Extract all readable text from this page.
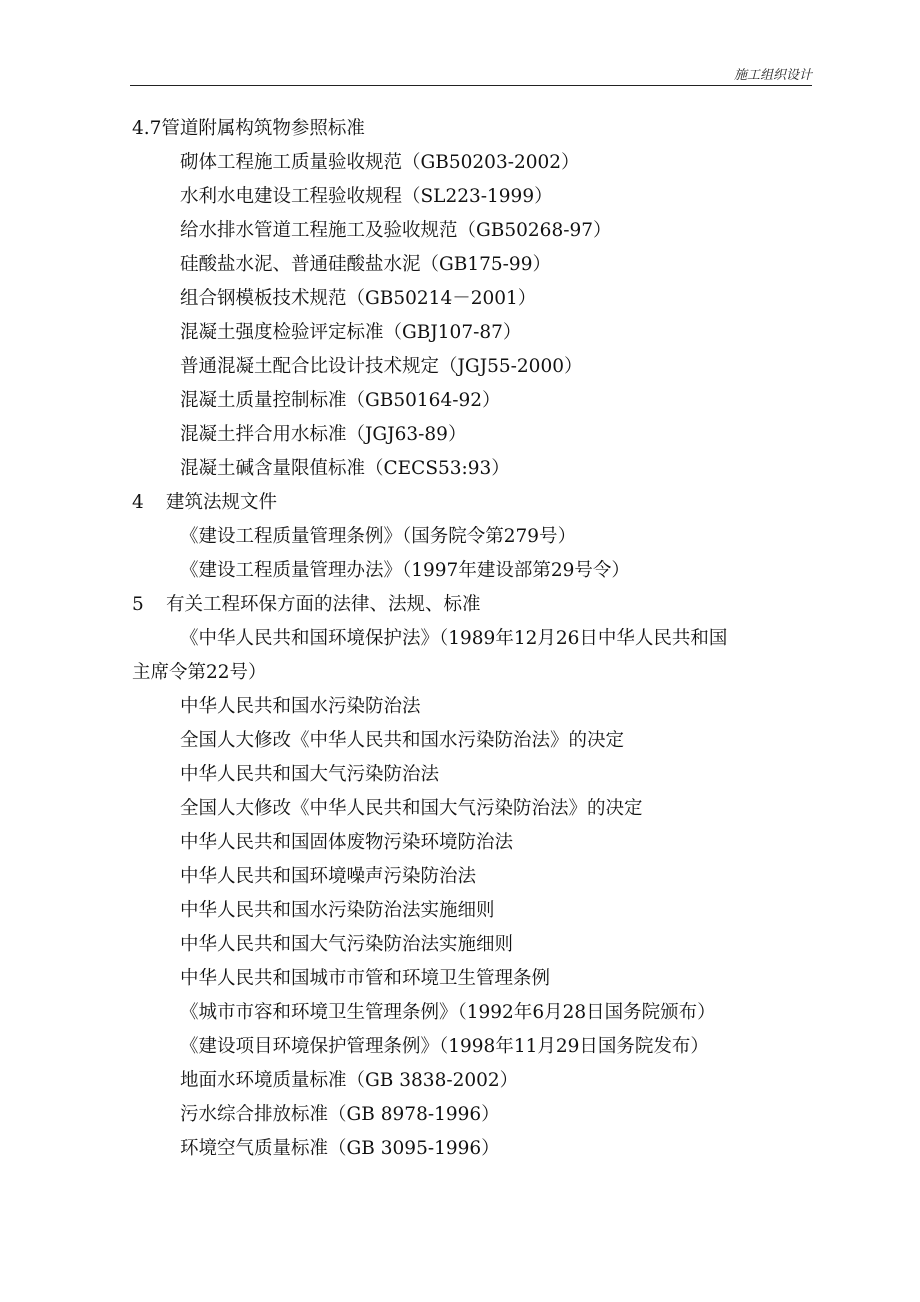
施工组织设计
4.7管道附属构筑物参照标准
砌体工程施工质量验收规范（GB50203-2002）
水利水电建设工程验收规程（SL223-1999）
给水排水管道工程施工及验收规范（GB50268-97）
硅酸盐水泥、普通硅酸盐水泥（GB175-99）
组合钢模板技术规范（GB50214－2001）
混凝土强度检验评定标准（GBJ107-87）
普通混凝土配合比设计技术规定（JGJ55-2000）
混凝土质量控制标准（GB50164-92）
混凝土拌合用水标准（JGJ63-89）
混凝土碱含量限值标准（CECS53:93）
4 建筑法规文件
《建设工程质量管理条例》（国务院令第279号）
《建设工程质量管理办法》（1997年建设部第29号令）
5 有关工程环保方面的法律、法规、标准
《中华人民共和国环境保护法》（1989年12月26日中华人民共和国
主席令第22号）
中华人民共和国水污染防治法
全国人大修改《中华人民共和国水污染防治法》的决定
中华人民共和国大气污染防治法
全国人大修改《中华人民共和国大气污染防治法》的决定
中华人民共和国固体废物污染环境防治法
中华人民共和国环境噪声污染防治法
中华人民共和国水污染防治法实施细则
中华人民共和国大气污染防治法实施细则
中华人民共和国城市市管和环境卫生管理条例
《城市市容和环境卫生管理条例》（1992年6月28日国务院颁布）
《建设项目环境保护管理条例》（1998年11月29日国务院发布）
地面水环境质量标准（GB 3838-2002）
污水综合排放标准（GB 8978-1996）
环境空气质量标准（GB 3095-1996）
